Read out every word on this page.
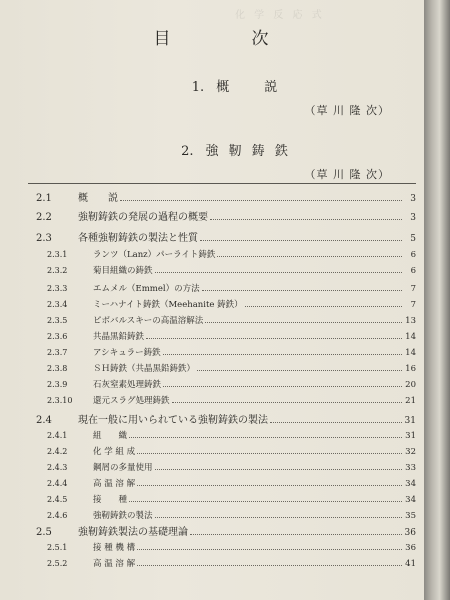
化 学 反 応 式
目　次
1. 概　　説
（草 川 隆 次）
2. 強 靭 鋳 鉄
（草 川 隆 次）
2.1	概　　説	3
2.2	強靭鋳鉄の発展の過程の概要	3
2.3	各種強靭鋳鉄の製法と性質	5
2.3.1	ランツ（Lanz）パーライト鋳鉄	6
2.3.2	菊目組織の鋳鉄	6
2.3.3	エムメル（Emmel）の方法	7
2.3.4	ミーハナイト鋳鉄（Meehanite 鋳鉄）	7
2.3.5	ピボバルスキーの高温溶解法	13
2.3.6	共晶黒鉛鋳鉄	14
2.3.7	アシキュラー鋳鉄	14
2.3.8	ＳＨ鋳鉄（共晶黒鉛鋳鉄）	16
2.3.9	石灰窒素処理鋳鉄	20
2.3.10	還元スラグ処理鋳鉄	21
2.4	現在一般に用いられている強靭鋳鉄の製法	31
2.4.1	組　　織	31
2.4.2	化 学 組 成	32
2.4.3	鋼屑の多量使用	33
2.4.4	高 温 溶 解	34
2.4.5	接　　種	34
2.4.6	強靭鋳鉄の製法	35
2.5	強靭鋳鉄製法の基礎理論	36
2.5.1	接 種 機 構	36
2.5.2	高 温 溶 解	41
